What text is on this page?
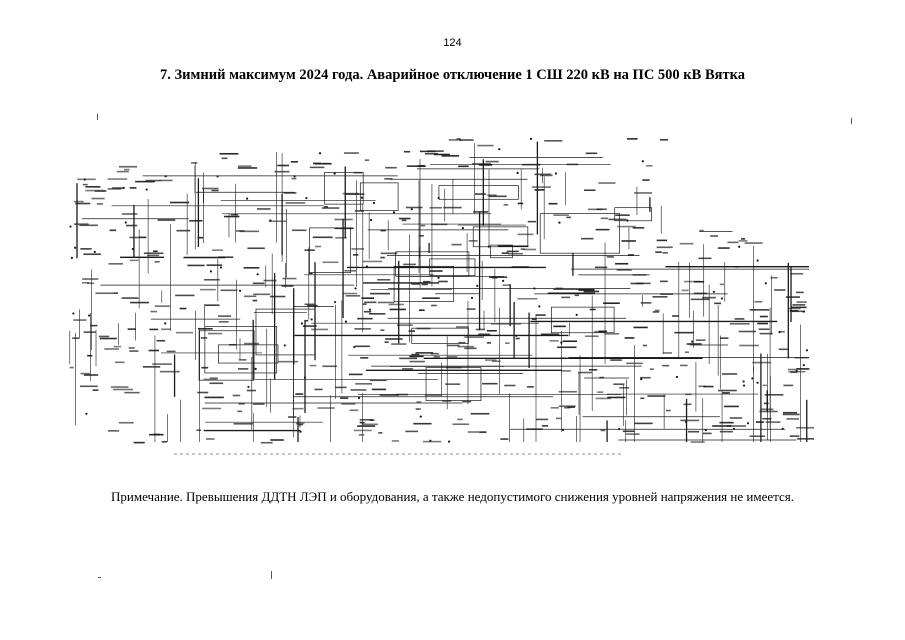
124
7. Зимний максимум 2024 года. Аварийное отключение 1 СШ 220 кВ на ПС 500 кВ Вятка
Примечание. Превышения ДДТН ЛЭП и оборудования, а также недопустимого снижения уровней напряжения не имеется.
